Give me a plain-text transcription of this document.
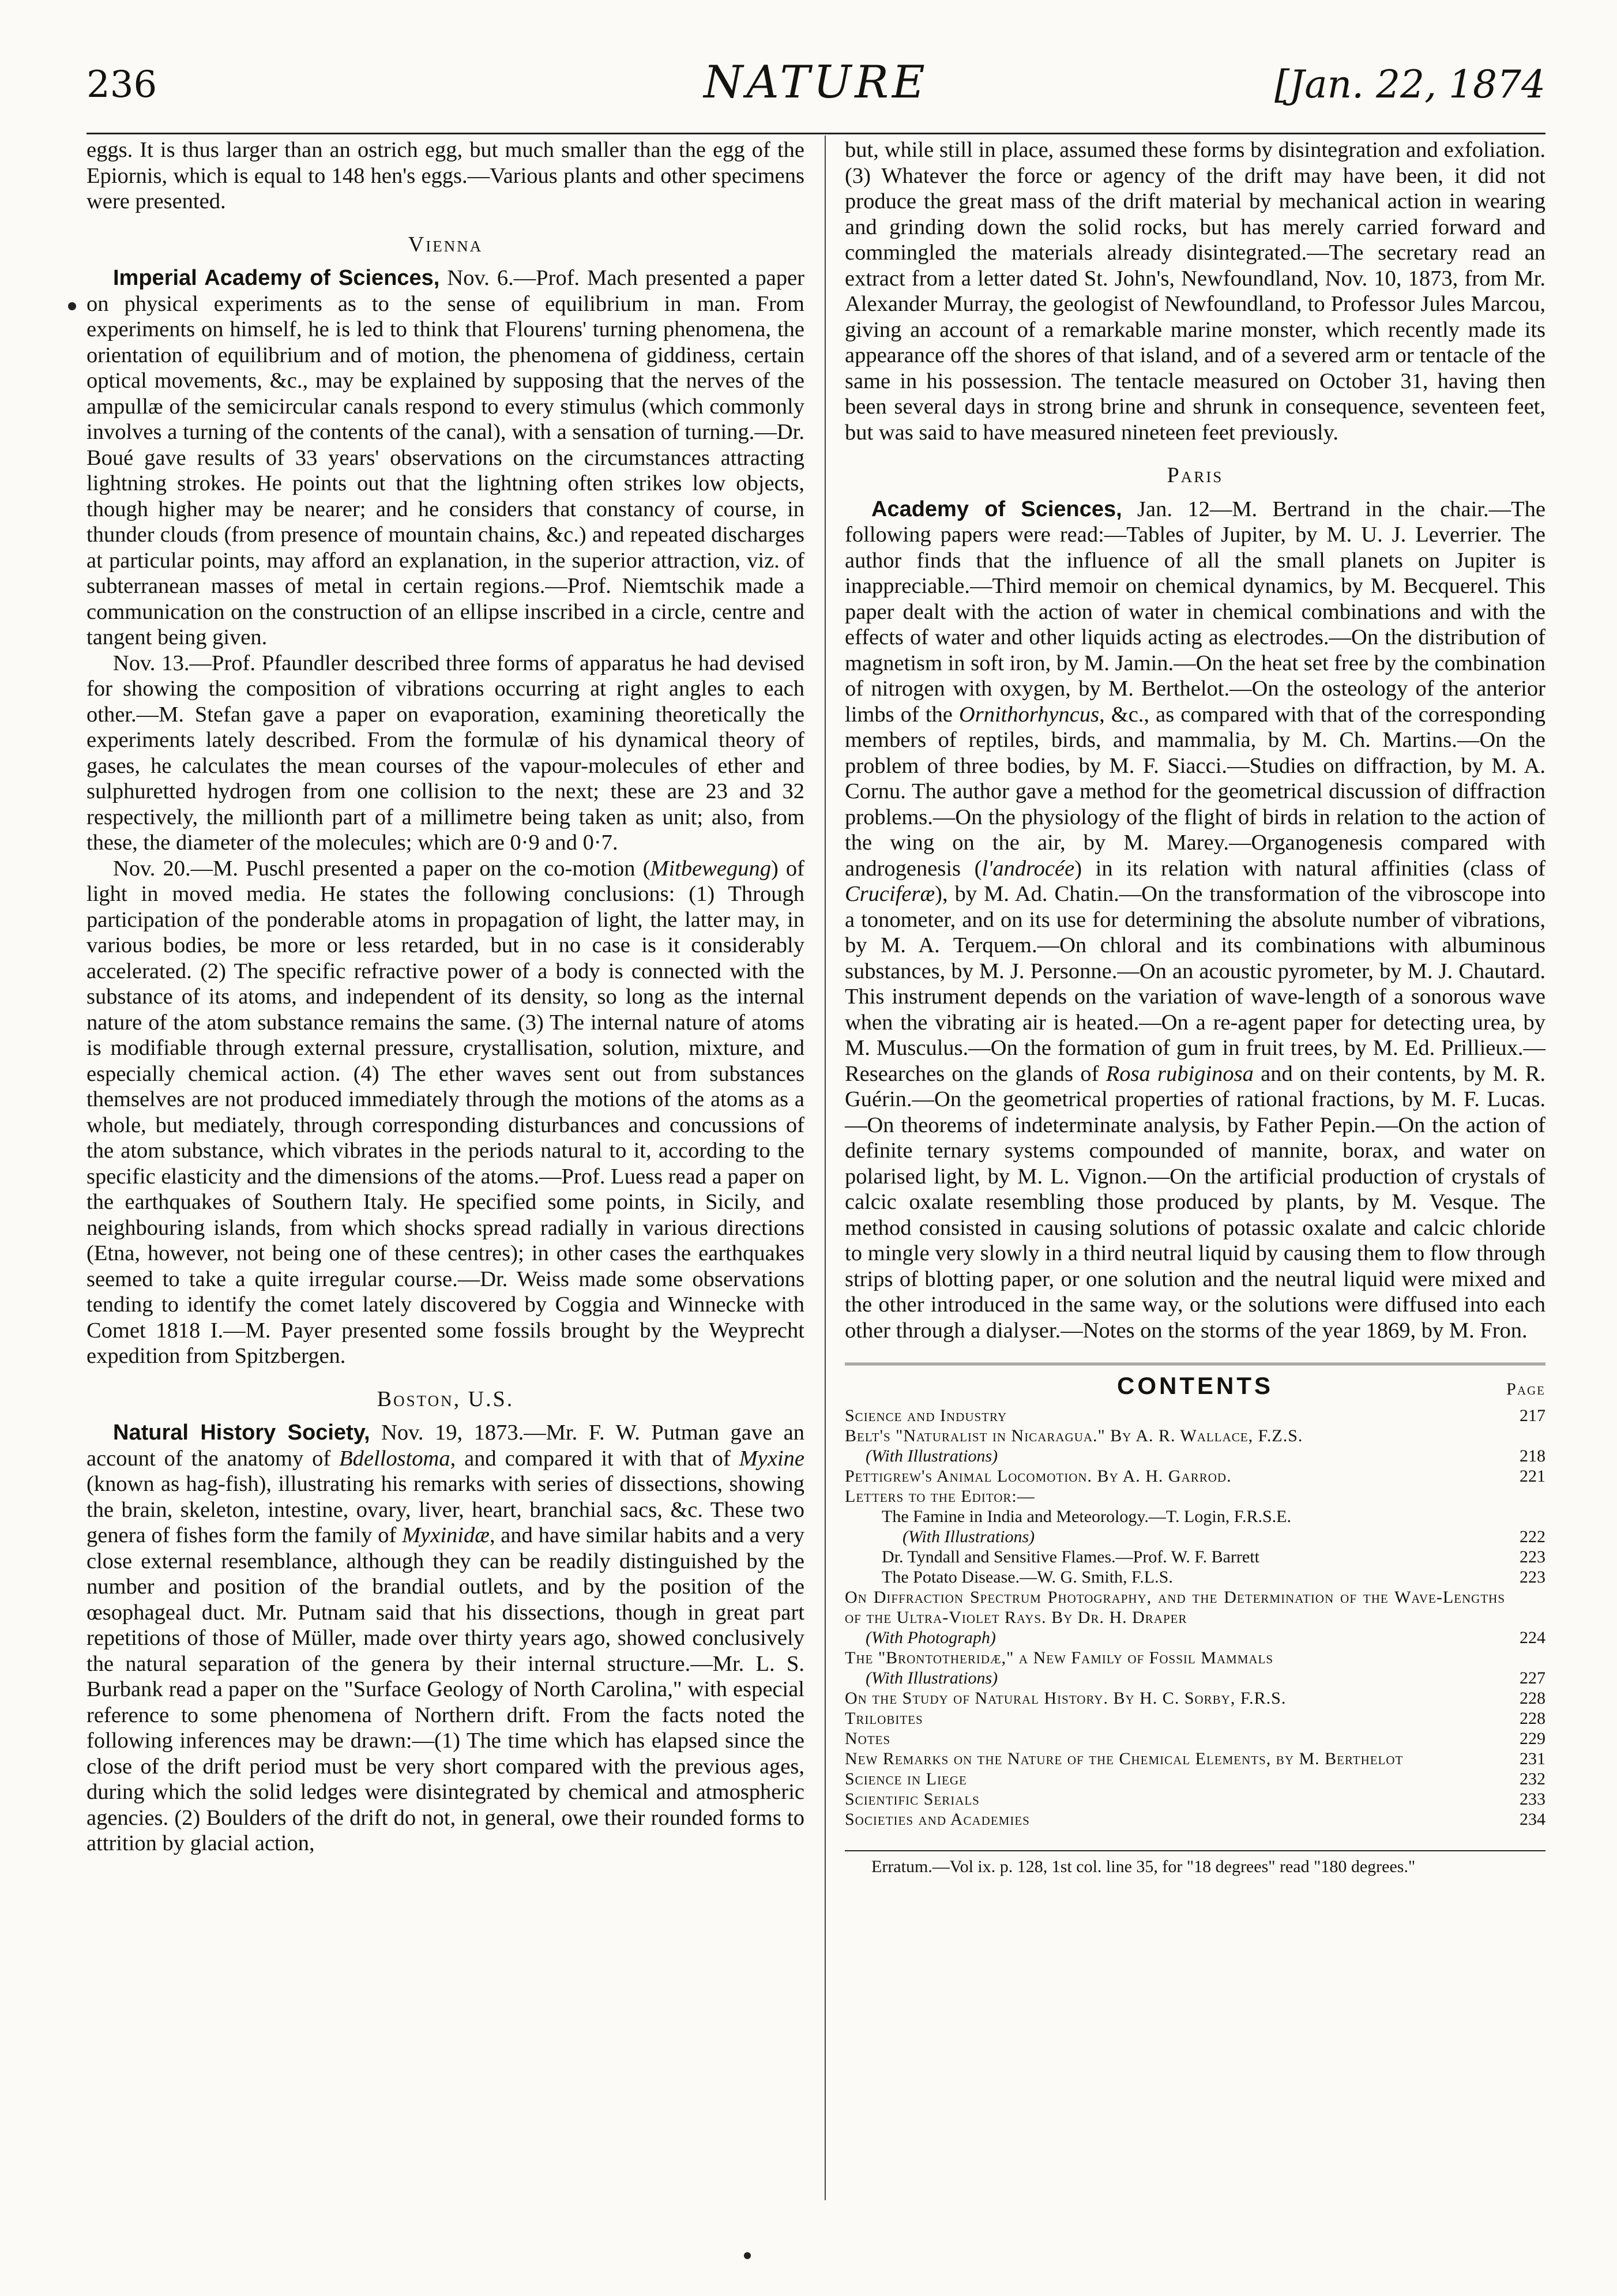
236	NATURE	[Jan. 22, 1874

eggs. It is thus larger than an ostrich egg, but much smaller than the egg of the Epiornis, which is equal to 148 hen's eggs.—Various plants and other specimens were presented.

Vienna

Imperial Academy of Sciences, Nov. 6.—Prof. Mach presented a paper on physical experiments as to the sense of equilibrium in man. From experiments on himself, he is led to think that Flourens' turning phenomena, the orientation of equilibrium and of motion, the phenomena of giddiness, certain optical movements, &c., may be explained by supposing that the nerves of the ampullæ of the semicircular canals respond to every stimulus (which commonly involves a turning of the contents of the canal), with a sensation of turning.—Dr. Boué gave results of 33 years' observations on the circumstances attracting lightning strokes. He points out that the lightning often strikes low objects, though higher may be nearer; and he considers that constancy of course, in thunder clouds (from presence of mountain chains, &c.) and repeated discharges at particular points, may afford an explanation, in the superior attraction, viz. of subterranean masses of metal in certain regions.—Prof. Niemtschik made a communication on the construction of an ellipse inscribed in a circle, centre and tangent being given.

Nov. 13.—Prof. Pfaundler described three forms of apparatus he had devised for showing the composition of vibrations occurring at right angles to each other.—M. Stefan gave a paper on evaporation, examining theoretically the experiments lately described. From the formulæ of his dynamical theory of gases, he calculates the mean courses of the vapour-molecules of ether and sulphuretted hydrogen from one collision to the next; these are 23 and 32 respectively, the millionth part of a millimetre being taken as unit; also, from these, the diameter of the molecules; which are 0·9 and 0·7.

Nov. 20.—M. Puschl presented a paper on the co-motion (Mitbewegung) of light in moved media. He states the following conclusions: (1) Through participation of the ponderable atoms in propagation of light, the latter may, in various bodies, be more or less retarded, but in no case is it considerably accelerated. (2) The specific refractive power of a body is connected with the substance of its atoms, and independent of its density, so long as the internal nature of the atom substance remains the same. (3) The internal nature of atoms is modifiable through external pressure, crystallisation, solution, mixture, and especially chemical action. (4) The ether waves sent out from substances themselves are not produced immediately through the motions of the atoms as a whole, but mediately, through corresponding disturbances and concussions of the atom substance, which vibrates in the periods natural to it, according to the specific elasticity and the dimensions of the atoms.—Prof. Luess read a paper on the earthquakes of Southern Italy. He specified some points, in Sicily, and neighbouring islands, from which shocks spread radially in various directions (Etna, however, not being one of these centres); in other cases the earthquakes seemed to take a quite irregular course.—Dr. Weiss made some observations tending to identify the comet lately discovered by Coggia and Winnecke with Comet 1818 I.—M. Payer presented some fossils brought by the Weyprecht expedition from Spitzbergen.

Boston, U.S.

Natural History Society, Nov. 19, 1873.—Mr. F. W. Putman gave an account of the anatomy of Bdellostoma, and compared it with that of Myxine (known as hag-fish), illustrating his remarks with series of dissections, showing the brain, skeleton, intestine, ovary, liver, heart, branchial sacs, &c. These two genera of fishes form the family of Myxinidæ, and have similar habits and a very close external resemblance, although they can be readily distinguished by the number and position of the brandial outlets, and by the position of the œsophageal duct. Mr. Putnam said that his dissections, though in great part repetitions of those of Müller, made over thirty years ago, showed conclusively the natural separation of the genera by their internal structure.—Mr. L. S. Burbank read a paper on the "Surface Geology of North Carolina," with especial reference to some phenomena of Northern drift. From the facts noted the following inferences may be drawn:—(1) The time which has elapsed since the close of the drift period must be very short compared with the previous ages, during which the solid ledges were disintegrated by chemical and atmospheric agencies. (2) Boulders of the drift do not, in general, owe their rounded forms to attrition by glacial action,

but, while still in place, assumed these forms by disintegration and exfoliation. (3) Whatever the force or agency of the drift may have been, it did not produce the great mass of the drift material by mechanical action in wearing and grinding down the solid rocks, but has merely carried forward and commingled the materials already disintegrated.—The secretary read an extract from a letter dated St. John's, Newfoundland, Nov. 10, 1873, from Mr. Alexander Murray, the geologist of Newfoundland, to Professor Jules Marcou, giving an account of a remarkable marine monster, which recently made its appearance off the shores of that island, and of a severed arm or tentacle of the same in his possession. The tentacle measured on October 31, having then been several days in strong brine and shrunk in consequence, seventeen feet, but was said to have measured nineteen feet previously.

Paris

Academy of Sciences, Jan. 12—M. Bertrand in the chair.—The following papers were read:—Tables of Jupiter, by M. U. J. Leverrier. The author finds that the influence of all the small planets on Jupiter is inappreciable.—Third memoir on chemical dynamics, by M. Becquerel. This paper dealt with the action of water in chemical combinations and with the effects of water and other liquids acting as electrodes.—On the distribution of magnetism in soft iron, by M. Jamin.—On the heat set free by the combination of nitrogen with oxygen, by M. Berthelot.—On the osteology of the anterior limbs of the Ornithorhyncus, &c., as compared with that of the corresponding members of reptiles, birds, and mammalia, by M. Ch. Martins.—On the problem of three bodies, by M. F. Siacci.—Studies on diffraction, by M. A. Cornu. The author gave a method for the geometrical discussion of diffraction problems.—On the physiology of the flight of birds in relation to the action of the wing on the air, by M. Marey.—Organogenesis compared with androgenesis (l'androcée) in its relation with natural affinities (class of Cruciferæ), by M. Ad. Chatin.—On the transformation of the vibroscope into a tonometer, and on its use for determining the absolute number of vibrations, by M. A. Terquem.—On chloral and its combinations with albuminous substances, by M. J. Personne.—On an acoustic pyrometer, by M. J. Chautard. This instrument depends on the variation of wave-length of a sonorous wave when the vibrating air is heated.—On a re-agent paper for detecting urea, by M. Musculus.—On the formation of gum in fruit trees, by M. Ed. Prillieux.—Researches on the glands of Rosa rubiginosa and on their contents, by M. R. Guérin.—On the geometrical properties of rational fractions, by M. F. Lucas.—On theorems of indeterminate analysis, by Father Pepin.—On the action of definite ternary systems compounded of mannite, borax, and water on polarised light, by M. L. Vignon.—On the artificial production of crystals of calcic oxalate resembling those produced by plants, by M. Vesque. The method consisted in causing solutions of potassic oxalate and calcic chloride to mingle very slowly in a third neutral liquid by causing them to flow through strips of blotting paper, or one solution and the neutral liquid were mixed and the other introduced in the same way, or the solutions were diffused into each other through a dialyser.—Notes on the storms of the year 1869, by M. Fron.

CONTENTS	Page
Science and Industry	217
Belt's "Naturalist in Nicaragua." By A. R. Wallace, F.Z.S.
(With Illustrations)	218
Pettigrew's Animal Locomotion. By A. H. Garrod.	221
Letters to the Editor:—
The Famine in India and Meteorology.—T. Login, F.R.S.E.
(With Illustrations)	222
Dr. Tyndall and Sensitive Flames.—Prof. W. F. Barrett	223
The Potato Disease.—W. G. Smith, F.L.S.	223
On Diffraction Spectrum Photography, and the Determination of the Wave-Lengths of the Ultra-Violet Rays. By Dr. H. Draper
(With Photograph)	224
The "Brontotheridæ," a New Family of Fossil Mammals
(With Illustrations)	227
On the Study of Natural History. By H. C. Sorby, F.R.S.	228
Trilobites	228
Notes	229
New Remarks on the Nature of the Chemical Elements, by M. Berthelot	231
Science in Liege	232
Scientific Serials	233
Societies and Academies	234

Erratum.—Vol ix. p. 128, 1st col. line 35, for "18 degrees" read "180 degrees."
